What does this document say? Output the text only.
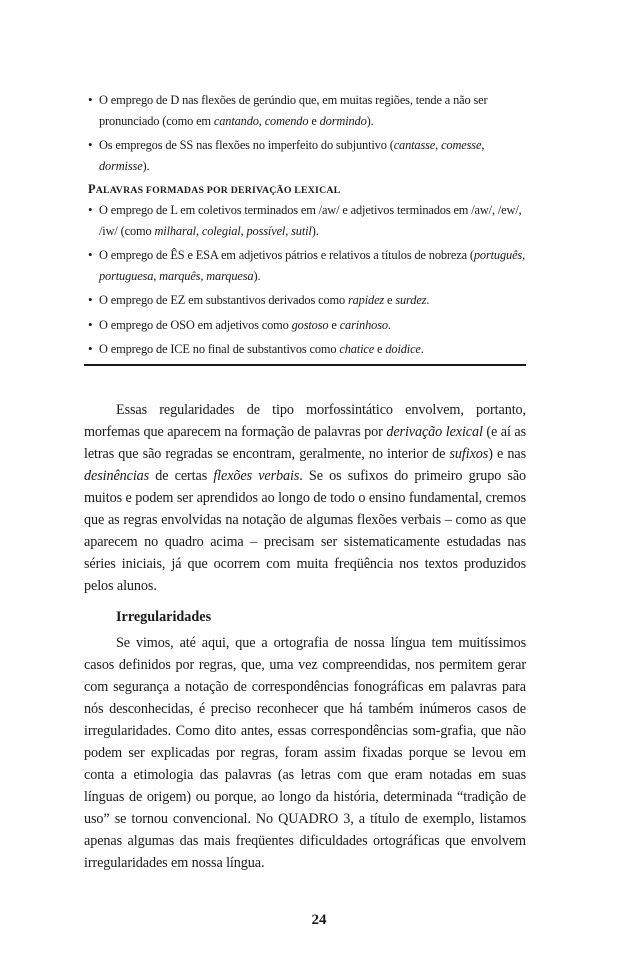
• O emprego de D nas flexões de gerúndio que, em muitas regiões, tende a não ser pronunciado (como em cantando, comendo e dormindo).
• Os empregos de SS nas flexões no imperfeito do subjuntivo (cantasse, comesse, dormisse).
PALAVRAS FORMADAS POR DERIVAÇÃO LEXICAL
• O emprego de L em coletivos terminados em /aw/ e adjetivos terminados em /aw/, /ew/, /iw/ (como milharal, colegial, possível, sutil).
• O emprego de ÊS e ESA em adjetivos pátrios e relativos a títulos de nobreza (português, portuguesa, marquês, marquesa).
• O emprego de EZ em substantivos derivados como rapidez e surdez.
• O emprego de OSO em adjetivos como gostoso e carinhoso.
• O emprego de ICE no final de substantivos como chatice e doidice.

Essas regularidades de tipo morfossintático envolvem, portanto, morfemas que aparecem na formação de palavras por derivação lexical (e aí as letras que são regradas se encontram, geralmente, no interior de sufixos) e nas desinências de certas flexões verbais. Se os sufixos do primeiro grupo são muitos e podem ser aprendidos ao longo de todo o ensino fundamental, cremos que as regras envolvidas na notação de algumas flexões verbais – como as que aparecem no quadro acima – precisam ser sistematicamente estudadas nas séries iniciais, já que ocorrem com muita freqüência nos textos produzidos pelos alunos.

Irregularidades

Se vimos, até aqui, que a ortografia de nossa língua tem muitíssimos casos definidos por regras, que, uma vez compreendidas, nos permitem gerar com segurança a notação de correspondências fonográficas em palavras para nós desconhecidas, é preciso reconhecer que há também inúmeros casos de irregularidades. Como dito antes, essas correspondências som-grafia, que não podem ser explicadas por regras, foram assim fixadas porque se levou em conta a etimologia das palavras (as letras com que eram notadas em suas línguas de origem) ou porque, ao longo da história, determinada “tradição de uso” se tornou convencional. No QUADRO 3, a título de exemplo, listamos apenas algumas das mais freqüentes dificuldades ortográficas que envolvem irregularidades em nossa língua.

24
